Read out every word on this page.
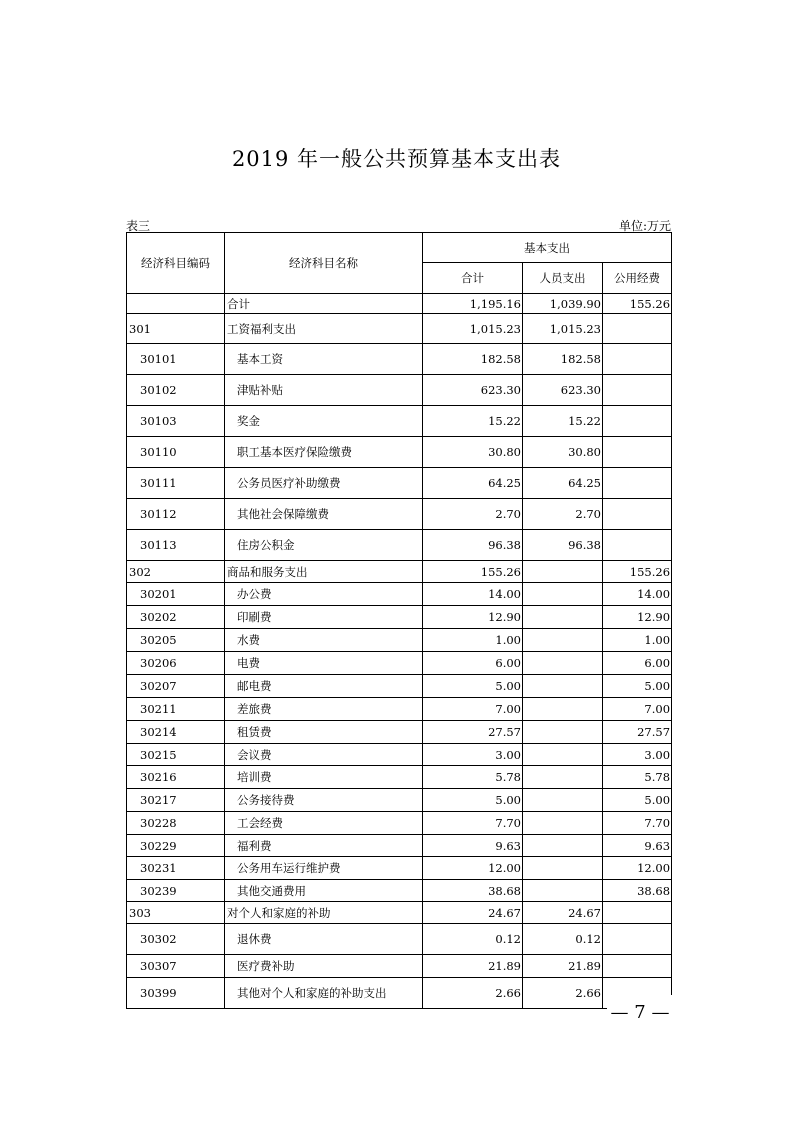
2019 年一般公共预算基本支出表
表三	单位:万元
经济科目编码	经济科目名称	基本支出		
		合计	人员支出	公用经费
	合计	1,195.16	1,039.90	155.26
301	工资福利支出	1,015.23	1,015.23	
30101	基本工资	182.58	182.58	
30102	津贴补贴	623.30	623.30	
30103	奖金	15.22	15.22	
30110	职工基本医疗保险缴费	30.80	30.80	
30111	公务员医疗补助缴费	64.25	64.25	
30112	其他社会保障缴费	2.70	2.70	
30113	住房公积金	96.38	96.38	
302	商品和服务支出	155.26		155.26
30201	办公费	14.00		14.00
30202	印刷费	12.90		12.90
30205	水费	1.00		1.00
30206	电费	6.00		6.00
30207	邮电费	5.00		5.00
30211	差旅费	7.00		7.00
30214	租赁费	27.57		27.57
30215	会议费	3.00		3.00
30216	培训费	5.78		5.78
30217	公务接待费	5.00		5.00
30228	工会经费	7.70		7.70
30229	福利费	9.63		9.63
30231	公务用车运行维护费	12.00		12.00
30239	其他交通费用	38.68		38.68
303	对个人和家庭的补助	24.67	24.67	
30302	退休费	0.12	0.12	
30307	医疗费补助	21.89	21.89	
30399	其他对个人和家庭的补助支出	2.66	2.66	
— 7 —
